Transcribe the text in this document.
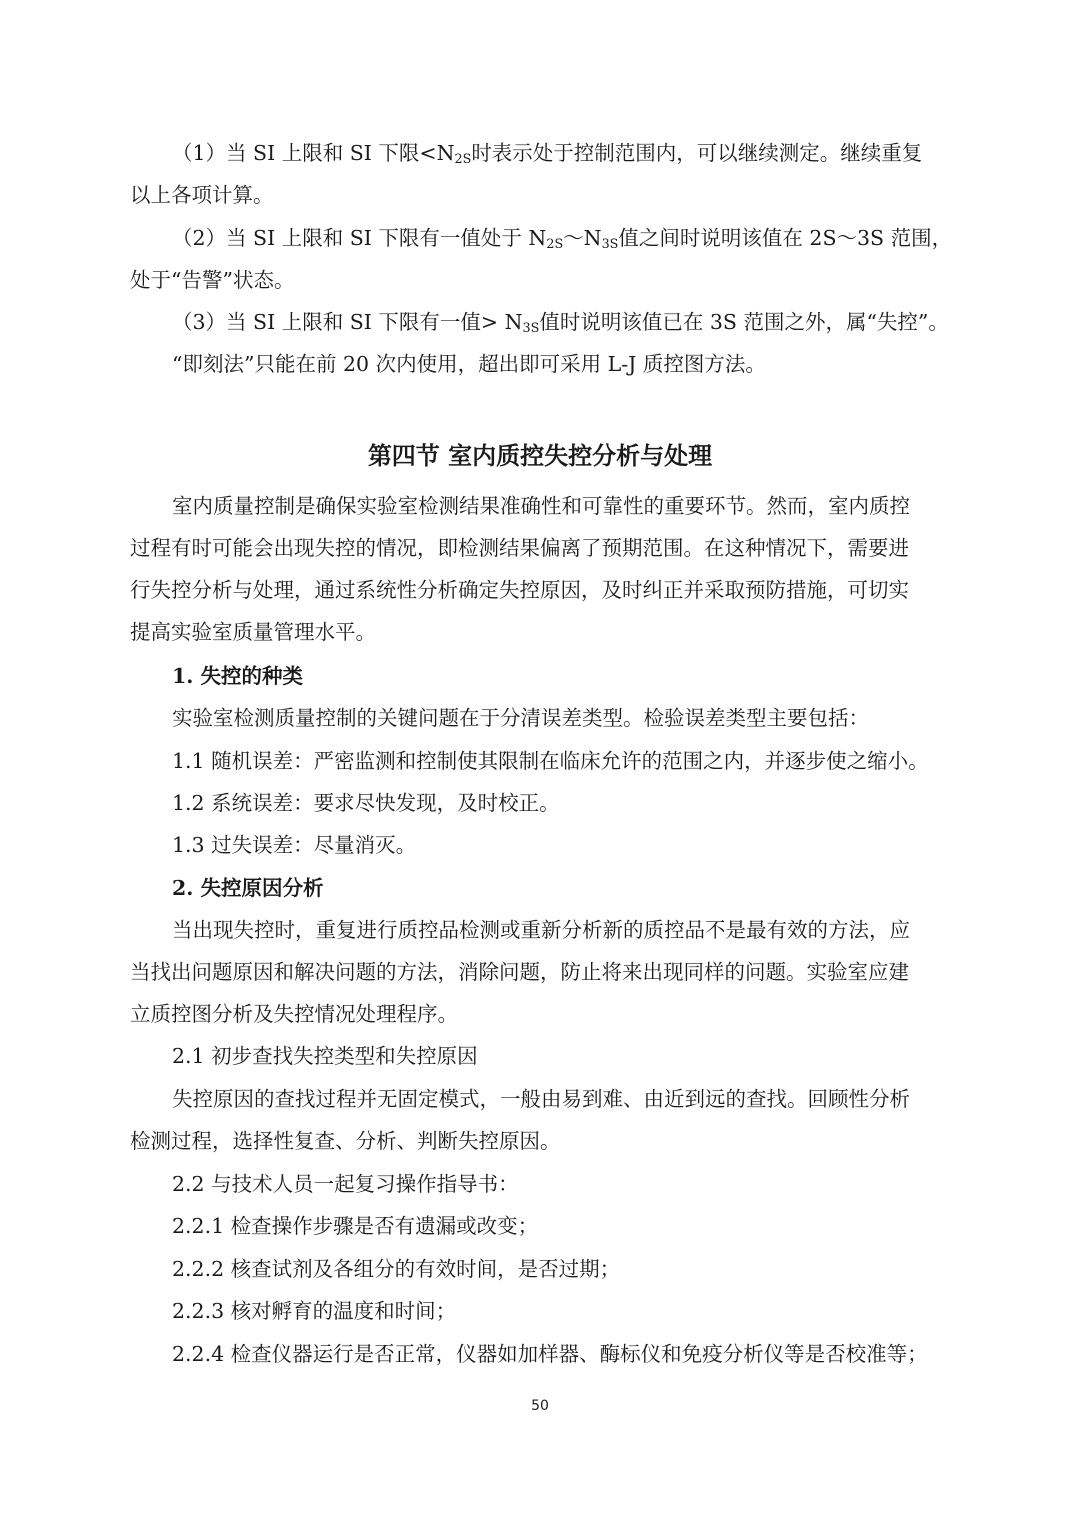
（1）当 SI 上限和 SI 下限$<N_{2S}$时表示处于控制范围内，可以继续测定。继续重复
以上各项计算。
（2）当 SI 上限和 SI 下限有一值处于 $N_{2S}\sim N_{3S}$值之间时说明该值在 2S～3S 范围，
处于“告警”状态。
（3）当 SI 上限和 SI 下限有一值> $N_{3S}$值时说明该值已在 3S 范围之外，属“失控”。
“即刻法”只能在前 20 次内使用，超出即可采用 L-J 质控图方法。
第四节 室内质控失控分析与处理
室内质量控制是确保实验室检测结果准确性和可靠性的重要环节。然而，室内质控
过程有时可能会出现失控的情况，即检测结果偏离了预期范围。在这种情况下，需要进
行失控分析与处理，通过系统性分析确定失控原因，及时纠正并采取预防措施，可切实
提高实验室质量管理水平。
1. 失控的种类
实验室检测质量控制的关键问题在于分清误差类型。检验误差类型主要包括：
1.1 随机误差：严密监测和控制使其限制在临床允许的范围之内，并逐步使之缩小。
1.2 系统误差：要求尽快发现，及时校正。
1.3 过失误差：尽量消灭。
2. 失控原因分析
当出现失控时，重复进行质控品检测或重新分析新的质控品不是最有效的方法，应
当找出问题原因和解决问题的方法，消除问题，防止将来出现同样的问题。实验室应建
立质控图分析及失控情况处理程序。
2.1 初步查找失控类型和失控原因
失控原因的查找过程并无固定模式，一般由易到难、由近到远的查找。回顾性分析
检测过程，选择性复查、分析、判断失控原因。
2.2 与技术人员一起复习操作指导书：
2.2.1 检查操作步骤是否有遗漏或改变；
2.2.2 核查试剂及各组分的有效时间，是否过期；
2.2.3 核对孵育的温度和时间；
2.2.4 检查仪器运行是否正常，仪器如加样器、酶标仪和免疫分析仪等是否校准等；
50
